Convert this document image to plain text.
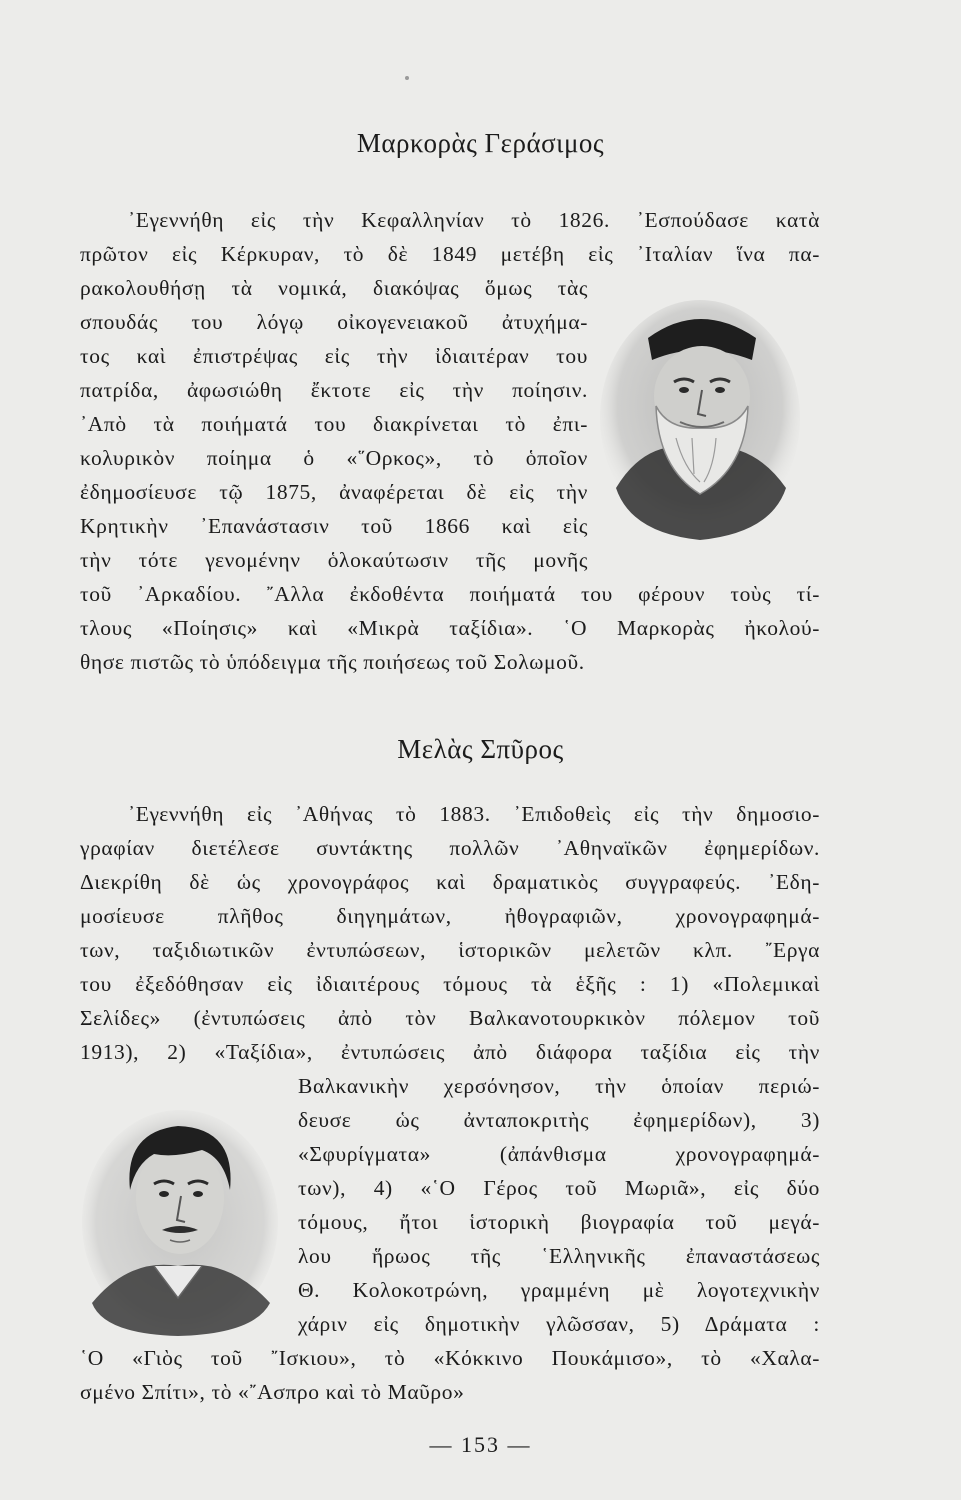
Μαρκορὰς Γεράσιμος
᾿Εγεννήθη εἰς τὴν Κεφαλληνίαν τὸ 1826. ᾿Εσπούδασε κατὰ
πρῶτον εἰς Κέρκυραν, τὸ δὲ 1849 μετέβη εἰς ᾿Ιταλίαν ἵνα πα-
ρακολουθήσῃ τὰ νομικά, διακόψας ὅμως τὰς
σπουδάς του λόγῳ οἰκογενειακοῦ ἀτυχήμα-
τος καὶ ἐπιστρέψας εἰς τὴν ἰδιαιτέραν του
πατρίδα, ἀφωσιώθη ἔκτοτε εἰς τὴν ποίησιν.
᾿Απὸ τὰ ποιήματά του διακρίνεται τὸ ἐπι-
κολυρικὸν ποίημα ὁ «῞Ορκος», τὸ ὁποῖον
ἐδημοσίευσε τῷ 1875, ἀναφέρεται δὲ εἰς τὴν
Κρητικὴν ᾿Επανάστασιν τοῦ 1866 καὶ εἰς
τὴν τότε γενομένην ὁλοκαύτωσιν τῆς μονῆς
τοῦ ᾿Αρκαδίου. ῎Αλλα ἐκδοθέντα ποιήματά του φέρουν τοὺς τί-
τλους «Ποίησις» καὶ «Μικρὰ ταξίδια». ῾Ο Μαρκορὰς ἠκολού-
θησε πιστῶς τὸ ὑπόδειγμα τῆς ποιήσεως τοῦ Σολωμοῦ.
Μελὰς Σπῦρος
᾿Εγεννήθη εἰς ᾿Αθήνας τὸ 1883. ᾿Επιδοθεὶς εἰς τὴν δημοσιο-
γραφίαν διετέλεσε συντάκτης πολλῶν ᾿Αθηναϊκῶν ἐφημερίδων.
Διεκρίθη δὲ ὡς χρονογράφος καὶ δραματικὸς συγγραφεύς. ᾿Εδη-
μοσίευσε πλῆθος διηγημάτων, ἠθογραφιῶν, χρονογραφημά-
των, ταξιδιωτικῶν ἐντυπώσεων, ἱστορικῶν μελετῶν κλπ. ῎Εργα
του ἐξεδόθησαν εἰς ἰδιαιτέρους τόμους τὰ ἑξῆς : 1) «Πολεμικαὶ
Σελίδες» (ἐντυπώσεις ἀπὸ τὸν Βαλκανοτουρκικὸν πόλεμον τοῦ
1913), 2) «Ταξίδια», ἐντυπώσεις ἀπὸ διάφορα ταξίδια εἰς τὴν
Βαλκανικὴν χερσόνησον, τὴν ὁποίαν περιώ-
δευσε ὡς ἀνταποκριτὴς ἐφημερίδων), 3)
«Σφυρίγματα» (ἀπάνθισμα χρονογραφημά-
των), 4) «῾Ο Γέρος τοῦ Μωριᾶ», εἰς δύο
τόμους, ἤτοι ἱστορικὴ βιογραφία τοῦ μεγά-
λου ἥρωος τῆς ῾Ελληνικῆς ἐπαναστάσεως
Θ. Κολοκοτρώνη, γραμμένη μὲ λογοτεχνικὴν
χάριν εἰς δημοτικὴν γλῶσσαν, 5) Δράματα :
῾Ο «Γιὸς τοῦ ῎Ισκιου», τὸ «Κόκκινο Πουκάμισο», τὸ «Χαλα-
σμένο Σπίτι», τὸ «῎Ασπρο καὶ τὸ Μαῦρο»
— 153 —
